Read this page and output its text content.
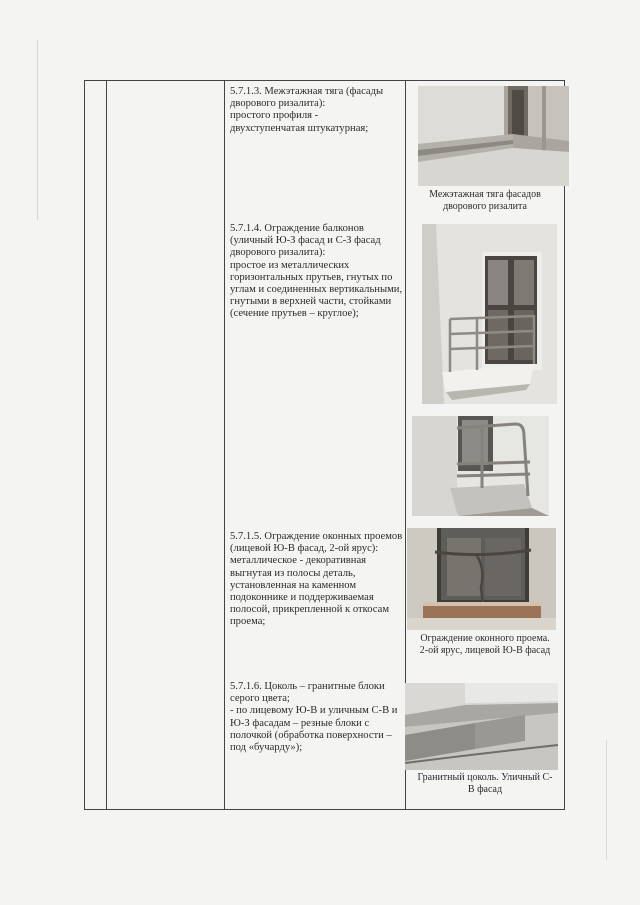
5.7.1.3. Межэтажная тяга (фасады дворового ризалита):
простого профиля -
двухступенчатая штукатурная;
5.7.1.4. Ограждение балконов (уличный Ю-З фасад и С-З фасад дворового ризалита):
простое из металлических горизонтальных прутьев, гнутых по углам и соединенных вертикальными, гнутыми в верхней части, стойками (сечение прутьев – круглое);
5.7.1.5. Ограждение оконных проемов (лицевой Ю-В фасад, 2-ой ярус):
металлическое - декоративная выгнутая из полосы деталь, установленная на каменном подоконнике и поддерживаемая полосой, прикрепленной к откосам проема;
5.7.1.6. Цоколь – гранитные блоки серого цвета;
- по лицевому Ю-В и уличным С-В и Ю-З фасадам – резные блоки с полочкой (обработка поверхности – под «бучарду»);
Межэтажная тяга фасадов
дворового ризалита
Ограждение оконного проема.
2-ой ярус, лицевой Ю-В фасад
Гранитный цоколь. Уличный С-
В фасад
